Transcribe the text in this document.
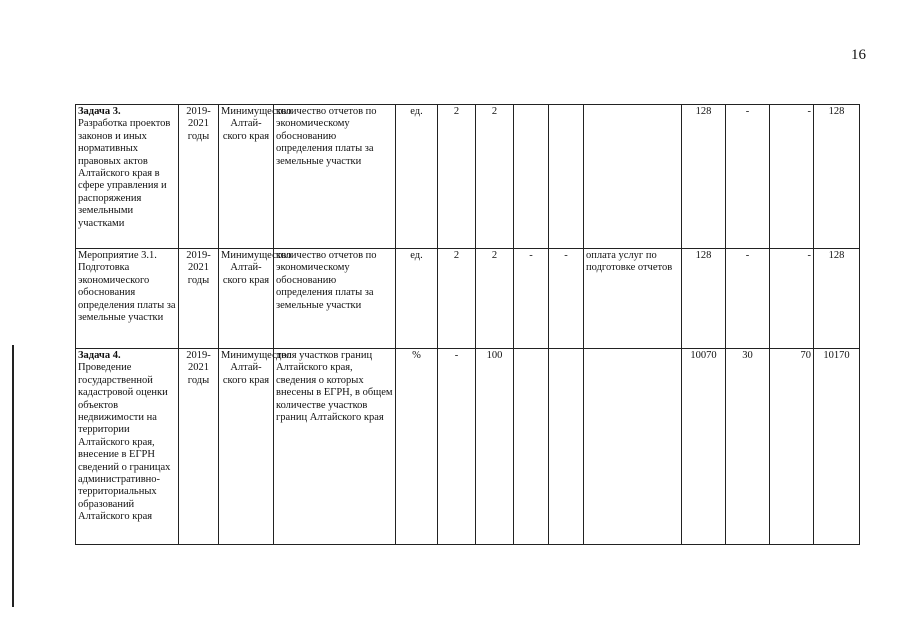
16
Задача 3.
Разработка проектов законов и иных нормативных правовых актов Алтайского края в сфере управления и распоряжения земельными участками	2019-2021 годы	Минимущество Алтай-ского края	количество отчетов по экономическому обоснованию определения платы за земельные участки	ед.	2	2				128	-	-	128
Мероприятие 3.1. Подготовка экономического обоснования определения платы за земельные участки	2019-2021 годы	Минимущество Алтай-ского края	количество отчетов по экономическому обоснованию определения платы за земельные участки	ед.	2	2	-	-	оплата услуг по подготовке отчетов	128	-	-	128
Задача 4.
Проведение государственной кадастровой оценки объектов недвижимости на территории Алтайского края, внесение в ЕГРН сведений о границах административно-территориальных образований Алтайского края	2019-2021 годы	Минимущество Алтай-ского края	доля участков границ Алтайского края, сведения о которых внесены в ЕГРН, в общем количестве участков границ Алтайского края	%	-	100				10070	30	70	10170
